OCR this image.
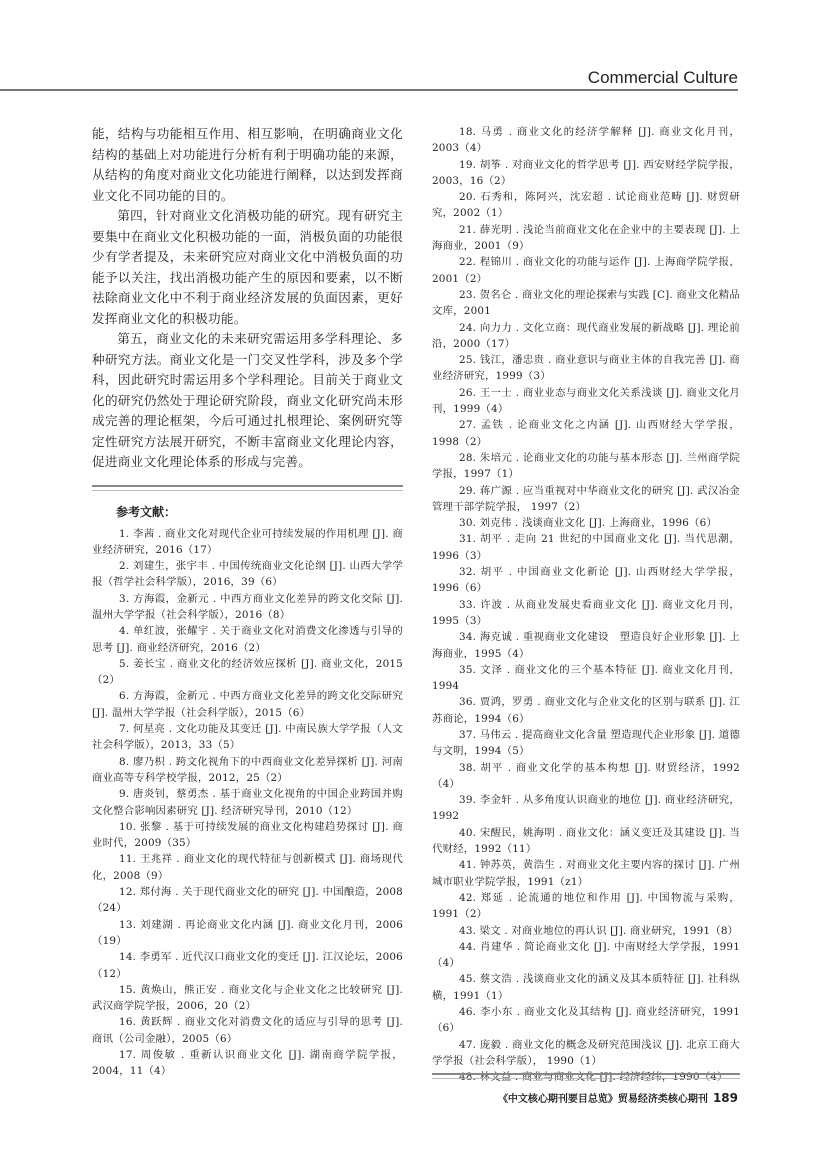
Commercial Culture

能，结构与功能相互作用、相互影响，在明确商业文化结构的基础上对功能进行分析有利于明确功能的来源，从结构的角度对商业文化功能进行阐释，以达到发挥商业文化不同功能的目的。

第四，针对商业文化消极功能的研究。现有研究主要集中在商业文化积极功能的一面，消极负面的功能很少有学者提及，未来研究应对商业文化中消极负面的功能予以关注，找出消极功能产生的原因和要素，以不断祛除商业文化中不利于商业经济发展的负面因素，更好发挥商业文化的积极功能。

第五，商业文化的未来研究需运用多学科理论、多种研究方法。商业文化是一门交叉性学科，涉及多个学科，因此研究时需运用多个学科理论。目前关于商业文化的研究仍然处于理论研究阶段，商业文化研究尚未形成完善的理论框架，今后可通过扎根理论、案例研究等定性研究方法展开研究，不断丰富商业文化理论内容，促进商业文化理论体系的形成与完善。

参考文献：

1. 李茜 . 商业文化对现代企业可持续发展的作用机理 [J]. 商业经济研究，2016（17）

2. 刘建生，张宇丰 . 中国传统商业文化论纲 [J]. 山西大学学报（哲学社会科学版），2016，39（6）

3. 方海霞，金新元 . 中西方商业文化差异的跨文化交际 [J]. 温州大学学报（社会科学版），2016（8）

4. 单红波，张耀宇 . 关于商业文化对消费文化渗透与引导的思考 [J]. 商业经济研究，2016（2）

5. 姜长宝 . 商业文化的经济效应探析 [J]. 商业文化，2015（2）

6. 方海霞，金新元 . 中西方商业文化差异的跨文化交际研究 [J]. 温州大学学报（社会科学版），2015（6）

7. 何星亮 . 文化功能及其变迁 [J]. 中南民族大学学报（人文社会科学版），2013，33（5）

8. 廖乃枳 . 跨文化视角下的中西商业文化差异探析 [J]. 河南商业高等专科学校学报，2012，25（2）

9. 唐炎钊，蔡勇杰 . 基于商业文化视角的中国企业跨国并购文化整合影响因素研究 [J]. 经济研究导刊，2010（12）

10. 张黎 . 基于可持续发展的商业文化构建趋势探讨 [J]. 商业时代，2009（35）

11. 王兆祥 . 商业文化的现代特征与创新模式 [J]. 商场现代化，2008（9）

12. 郑付海 . 关于现代商业文化的研究 [J]. 中国酿造，2008（24）

13. 刘建湖 . 再论商业文化内涵 [J]. 商业文化月刊，2006（19）

14. 李勇军 . 近代汉口商业文化的变迁 [J]. 江汉论坛，2006（12）

15. 黄焕山，熊正安 . 商业文化与企业文化之比较研究 [J]. 武汉商学院学报，2006，20（2）

16. 黄跃辉 . 商业文化对消费文化的适应与引导的思考 [J]. 商讯（公司金融），2005（6）

17. 周俊敏 . 重新认识商业文化 [J]. 湖南商学院学报，2004，11（4）

18. 马勇 . 商业文化的经济学解释 [J]. 商业文化月刊，2003（4）

19. 胡筝 . 对商业文化的哲学思考 [J]. 西安财经学院学报，2003，16（2）

20. 石秀和，陈阿兴，沈宏超 . 试论商业范畴 [J]. 财贸研究，2002（1）

21. 薛光明 . 浅论当前商业文化在企业中的主要表现 [J]. 上海商业，2001（9）

22. 程锦川 . 商业文化的功能与运作 [J]. 上海商学院学报，2001（2）

23. 贺名仑 . 商业文化的理论探索与实践 [C]. 商业文化精品文库，2001

24. 向力力 . 文化立商：现代商业发展的新战略 [J]. 理论前沿，2000（17）

25. 钱江，潘忠贵 . 商业意识与商业主体的自我完善 [J]. 商业经济研究，1999（3）

26. 王一士 . 商业业态与商业文化关系浅谈 [J]. 商业文化月刊，1999（4）

27. 孟铁 . 论商业文化之内涵 [J]. 山西财经大学学报，1998（2）

28. 朱培元 . 论商业文化的功能与基本形态 [J]. 兰州商学院学报，1997（1）

29. 蒋广源 . 应当重视对中华商业文化的研究 [J]. 武汉冶金管理干部学院学报， 1997（2）

30. 刘克伟 . 浅谈商业文化 [J]. 上海商业，1996（6）

31. 胡平 . 走向 21 世纪的中国商业文化 [J]. 当代思潮，1996（3）

32. 胡平 . 中国商业文化新论 [J]. 山西财经大学学报，1996（6）

33. 许波 . 从商业发展史看商业文化 [J]. 商业文化月刊，1995（3）

34. 海克诚 . 重视商业文化建设　塑造良好企业形象 [J]. 上海商业，1995（4）

35. 文泽 . 商业文化的三个基本特征 [J]. 商业文化月刊，1994

36. 贾鸿，罗勇 . 商业文化与企业文化的区别与联系 [J]. 江苏商论，1994（6）

37. 马伟云 . 提高商业文化含量 塑造现代企业形象 [J]. 道德与文明，1994（5）

38. 胡平 . 商业文化学的基本构想 [J]. 财贸经济，1992（4）

39. 李金轩 . 从多角度认识商业的地位 [J]. 商业经济研究，1992

40. 宋醒民，姚海明 . 商业文化：涵义变迁及其建设 [J]. 当代财经，1992（11）

41. 钟苏英，黄浩生 . 对商业文化主要内容的探讨 [J]. 广州城市职业学院学报，1991（z1）

42. 郑延 . 论流通的地位和作用 [J]. 中国物流与采购，1991（2）

43. 梁文 . 对商业地位的再认识 [J]. 商业研究，1991（8）

44. 肖建华 . 简论商业文化 [J]. 中南财经大学学报，1991（4）

45. 蔡文浩 . 浅谈商业文化的涵义及其本质特征 [J]. 社科纵横，1991（1）

46. 李小东 . 商业文化及其结构 [J]. 商业经济研究，1991（6）

47. 庞毅 . 商业文化的概念及研究范围浅议 [J]. 北京工商大学学报（社会科学版）， 1990（1）

48. 林文益 . 商业与商业文化 [J]. 经济经纬，1990（4）

《中文核心期刊要目总览》贸易经济类核心期刊 189
